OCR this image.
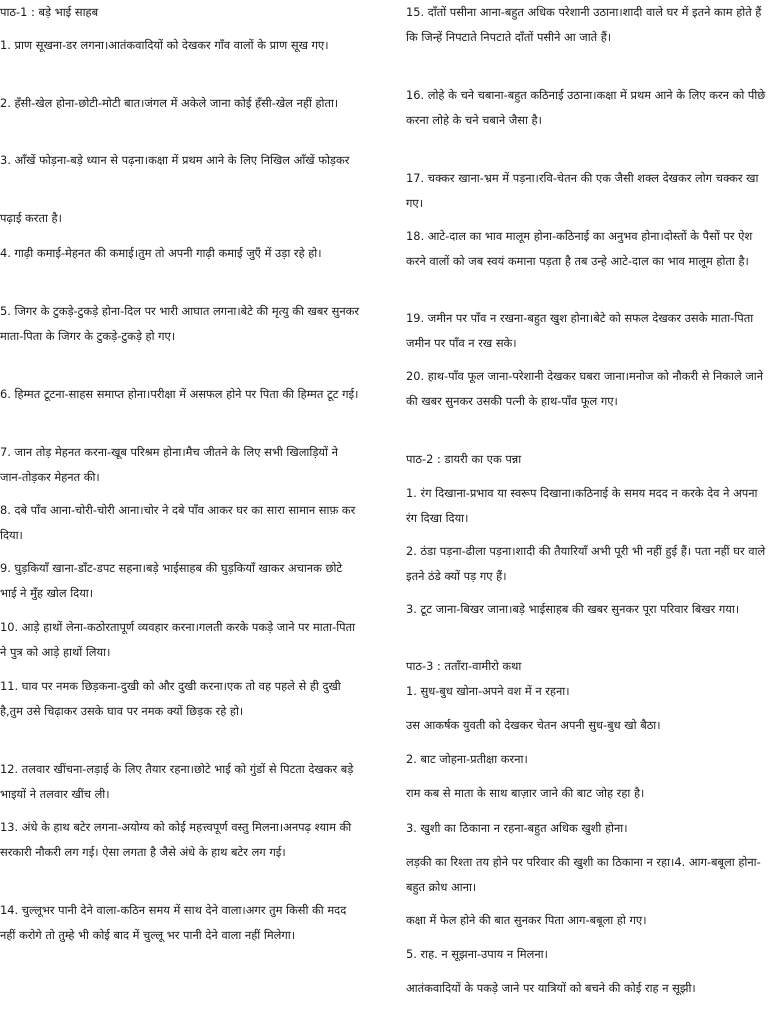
पाठ-1 : बड़े भाई साहब

1. प्राण सूखना-डर लगना।आतंकवादियों को देखकर गाँव वालों के प्राण सूख गए।

2. हँसी-खेल होना-छोटी-मोटी बात।जंगल में अकेले जाना कोई हँसी-खेल नहीं होता।

3. आँखें फोड़ना-बड़े ध्यान से पढ़ना।कक्षा में प्रथम आने के लिए निखिल आँखें फोड़कर

पढ़ाई करता है।

4. गाढ़ी कमाई-मेहनत की कमाई।तुम तो अपनी गाढ़ी कमाई जुएँ में उड़ा रहे हो।

5. जिगर के टुकड़े-टुकड़े होना-दिल पर भारी आघात लगना।बेटे की मृत्यु की खबर सुनकर माता-पिता के जिगर के टुकड़े-टुकड़े हो गए।

6. हिम्मत टूटना-साहस समाप्त होना।परीक्षा में असफल होने पर पिता की हिम्मत टूट गई।

7. जान तोड़ मेहनत करना-खूब परिश्रम होना।मैच जीतने के लिए सभी खिलाड़ियों ने जान-तोड़कर मेहनत की।

8. दबे पाँव आना-चोरी-चोरी आना।चोर ने दबे पाँव आकर घर का सारा सामान साफ़ कर दिया।

9. घुड़कियाँ खाना-डाँट-डपट सहना।बड़े भाईसाहब की घुड़कियाँ खाकर अचानक छोटे भाई ने मुँह खोल दिया।

10. आड़े हाथों लेना-कठोरतापूर्ण व्यवहार करना।गलती करके पकड़े जाने पर माता-पिता ने पुत्र को आड़े हाथों लिया।

11. घाव पर नमक छिड़कना-दुखी को और दुखी करना।एक तो वह पहले से ही दुखी है,तुम उसे चिढ़ाकर उसके घाव पर नमक क्यों छिड़क रहे हो।

12. तलवार खींचना-लड़ाई के लिए तैयार रहना।छोटे भाई को गुंडों से पिटता देखकर बड़े भाइयों ने तलवार खींच ली।

13. अंधे के हाथ बटेर लगना-अयोग्य को कोई महत्त्वपूर्ण वस्तु मिलना।अनपढ़ श्याम की सरकारी नौकरी लग गई। ऐसा लगता है जैसे अंधे के हाथ बटेर लग गई।

14. चुल्लूभर पानी देने वाला-कठिन समय में साथ देने वाला।अगर तुम किसी की मदद नहीं करोगे तो तुम्हे भी कोई बाद में चुल्लू भर पानी देने वाला नहीं मिलेगा।

15. दाँतों पसीना आना-बहुत अधिक परेशानी उठाना।शादी वाले घर में इतने काम होते हैं कि जिन्हें निपटाते निपटाते दाँतों पसीने आ जाते हैं।

16. लोहे के चने चबाना-बहुत कठिनाई उठाना।कक्षा में प्रथम आने के लिए करन को पीछे करना लोहे के चने चबाने जैसा है।

17. चक्कर खाना-भ्रम में पड़ना।रवि-चेतन की एक जैसी शक्ल देखकर लोग चक्कर खा गए।

18. आटे-दाल का भाव मालूम होना-कठिनाई का अनुभव होना।दोस्तों के पैसों पर ऐश करने वालों को जब स्वयं कमाना पड़ता है तब उन्हे आटे-दाल का भाव मालूम होता है।

19. जमीन पर पाँव न रखना-बहुत खुश होना।बेटे को सफल देखकर उसके माता-पिता जमीन पर पाँव न रख सके।

20. हाथ-पाँव फूल जाना-परेशानी देखकर घबरा जाना।मनोज को नौकरी से निकाले जाने की खबर सुनकर उसकी पत्नी के हाथ-पाँव फूल गए।

पाठ-2 : डायरी का एक पन्ना

1. रंग दिखाना-प्रभाव या स्वरूप दिखाना।कठिनाई के समय मदद न करके देव ने अपना रंग दिखा दिया।

2. ठंडा पड़ना-ढीला पड़ना।शादी की तैयारियाँ अभी पूरी भी नहीं हुई हैं। पता नहीं घर वाले इतने ठंडे क्यों पड़ गए हैं।

3. टूट जाना-बिखर जाना।बड़े भाईसाहब की खबर सुनकर पूरा परिवार बिखर गया।

पाठ-3 : तताँरा-वामीरो कथा

1. सुध-बुध खोना-अपने वश में न रहना।

उस आकर्षक युवती को देखकर चेतन अपनी सुध-बुध खो बैठा।

2. बाट जोहना-प्रतीक्षा करना।

राम कब से माता के साथ बाज़ार जाने की बाट जोह रहा है।

3. खुशी का ठिकाना न रहना-बहुत अधिक खुशी होना।

लड़की का रिश्ता तय होने पर परिवार की खुशी का ठिकाना न रहा।4. आग-बबूला होना-बहुत क्रोध आना।

कक्षा में फेल होने की बात सुनकर पिता आग-बबूला हो गए।

5. राह. न सूझना-उपाय न मिलना।

आतंकवादियों के पकड़े जाने पर यात्रियों को बचने की कोई राह न सूझी।
